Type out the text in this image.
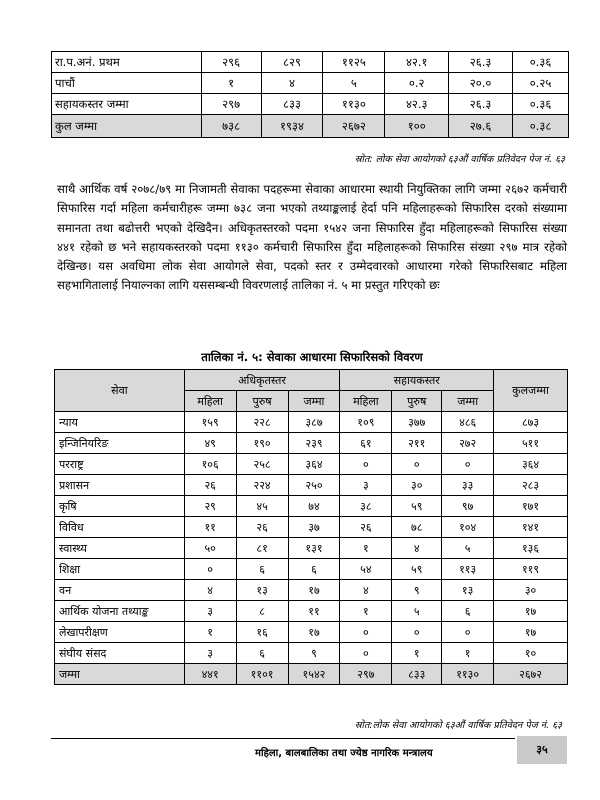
रा.प.अनं. प्रथम	२९६	८२९	११२५	४२.१	२६.३	०.३६
पाचौं	१	४	५	०.२	२०.०	०.२५
सहायकस्तर जम्मा	२९७	८३३	११३०	४२.३	२६.३	०.३६
कुल जम्मा	७३८	१९३४	२६७२	१००	२७.६	०.३८
स्रोत: लोक सेवा आयोगको ६३औं वार्षिक प्रतिवेदन पेज नं. ६३

साथै आर्थिक वर्ष २०७८/७९ मा निजामती सेवाका पदहरूमा सेवाका आधारमा स्थायी नियुक्तिका लागि जम्मा २६७२ कर्मचारी सिफारिस गर्दा महिला कर्मचारीहरू जम्मा ७३८ जना भएको तथ्याङ्कलाई हेर्दा पनि महिलाहरूको सिफारिस दरको संख्यामा समानता तथा बढोत्तरी भएको देखिदैन। अधिकृतस्तरको पदमा १५४२ जना सिफारिस हुँदा महिलाहरूको सिफारिस संख्या ४४१ रहेको छ भने सहायकस्तरको पदमा ११३० कर्मचारी सिफारिस हुँदा महिलाहरूको सिफारिस संख्या २९७ मात्र रहेको देखिन्छ। यस अवधिमा लोक सेवा आयोगले सेवा, पदको स्तर र उम्मेदवारको आधारमा गरेको सिफारिसबाट महिला सहभागितालाई नियाल्नका लागि यससम्बन्धी विवरणलाई तालिका नं. ५ मा प्रस्तुत गरिएको छः

तालिका नं. ५: सेवाका आधारमा सिफारिसको विवरण
सेवा	अधिकृतस्तर			सहायकस्तर			कुलजम्मा
	महिला	पुरुष	जम्मा	महिला	पुरुष	जम्मा	
न्याय	१५९	२२८	३८७	१०९	३७७	४८६	८७३
इन्जिनियरिङ	४९	१९०	२३९	६१	२११	२७२	५११
परराष्ट्र	१०६	२५८	३६४	०	०	०	३६४
प्रशासन	२६	२२४	२५०	३	३०	३३	२८३
कृषि	२९	४५	७४	३८	५९	९७	१७१
विविध	११	२६	३७	२६	७८	१०४	१४१
स्वास्थ्य	५०	८१	१३१	१	४	५	१३६
शिक्षा	०	६	६	५४	५९	११३	११९
वन	४	१३	१७	४	९	१३	३०
आर्थिक योजना तथ्याङ्क	३	८	११	१	५	६	१७
लेखापरीक्षण	१	१६	१७	०	०	०	१७
संघीय संसद	३	६	९	०	१	१	१०
जम्मा	४४१	११०१	१५४२	२९७	८३३	११३०	२६७२
स्रोत:लोक सेवा आयोगको ६३औं वार्षिक प्रतिवेदन पेज नं. ६३
महिला, बालबालिका तथा ज्येष्ठ नागरिक मन्त्रालय	३५
